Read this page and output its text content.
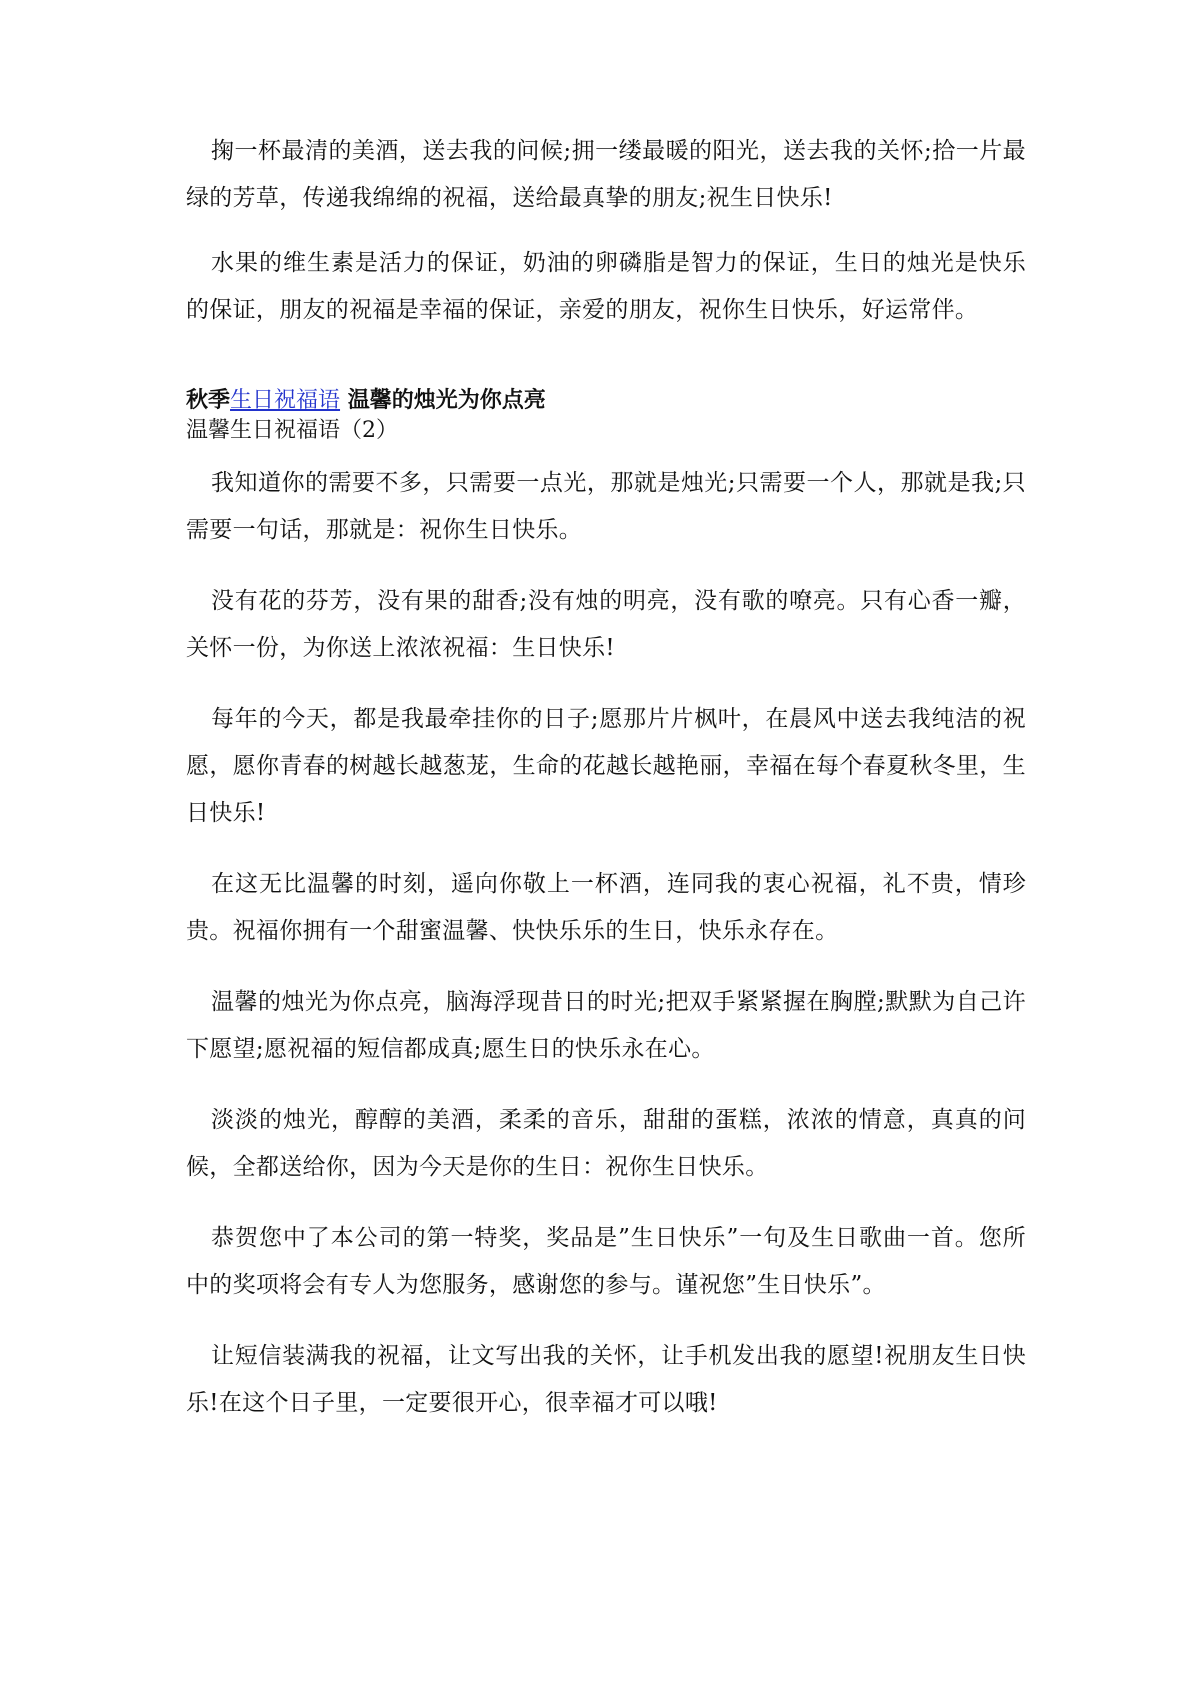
掬一杯最清的美酒，送去我的问候;拥一缕最暖的阳光，送去我的关怀;拾一片最绿的芳草，传递我绵绵的祝福，送给最真挚的朋友;祝生日快乐!

水果的维生素是活力的保证，奶油的卵磷脂是智力的保证，生日的烛光是快乐的保证，朋友的祝福是幸福的保证，亲爱的朋友，祝你生日快乐，好运常伴。

秋季生日祝福语 温馨的烛光为你点亮

温馨生日祝福语（2）

我知道你的需要不多，只需要一点光，那就是烛光;只需要一个人，那就是我;只需要一句话，那就是：祝你生日快乐。

没有花的芬芳，没有果的甜香;没有烛的明亮，没有歌的嘹亮。只有心香一瓣，关怀一份，为你送上浓浓祝福：生日快乐!

每年的今天，都是我最牵挂你的日子;愿那片片枫叶，在晨风中送去我纯洁的祝愿，愿你青春的树越长越葱茏，生命的花越长越艳丽，幸福在每个春夏秋冬里，生日快乐!

在这无比温馨的时刻，遥向你敬上一杯酒，连同我的衷心祝福，礼不贵，情珍贵。祝福你拥有一个甜蜜温馨、快快乐乐的生日，快乐永存在。

温馨的烛光为你点亮，脑海浮现昔日的时光;把双手紧紧握在胸膛;默默为自己许下愿望;愿祝福的短信都成真;愿生日的快乐永在心。

淡淡的烛光，醇醇的美酒，柔柔的音乐，甜甜的蛋糕，浓浓的情意，真真的问候，全都送给你，因为今天是你的生日：祝你生日快乐。

恭贺您中了本公司的第一特奖，奖品是”生日快乐”一句及生日歌曲一首。您所中的奖项将会有专人为您服务，感谢您的参与。谨祝您”生日快乐”。

让短信装满我的祝福，让文写出我的关怀，让手机发出我的愿望!祝朋友生日快乐!在这个日子里，一定要很开心，很幸福才可以哦!
